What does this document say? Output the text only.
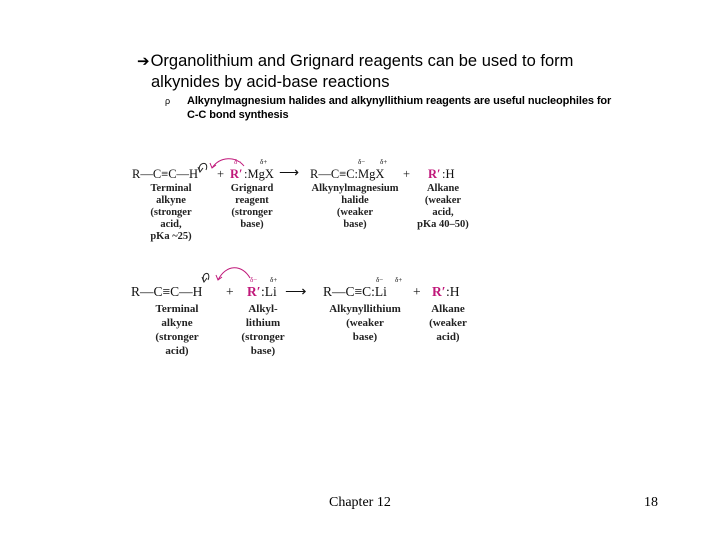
➔Organolithium and Grignard reagents can be used to form
alkynides by acid-base reactions
ρ	Alkynylmagnesium halides and alkynyllithium reagents are useful nucleophiles for
C-C bond synthesis
R—C≡C—H + R′
δ−
:MgX
δ+
⟶ R—C≡C:MgX
δ− δ+
+ R′ :H
Terminal
alkyne
(stronger
acid,
pKa ~25)
Grignard
reagent
(stronger
base)
Alkynylmagnesium
halide
(weaker
base)
Alkane
(weaker
acid,
pKa 40–50)
R—C≡C—H + R′
δ−
:Li
δ+
⟶ R—C≡C:Li
δ− δ+
+ R′ :H
Terminal
alkyne
(stronger
acid)
Alkyl-
lithium
(stronger
base)
Alkynyllithium
(weaker
base)
Alkane
(weaker
acid)
Chapter 12	18
